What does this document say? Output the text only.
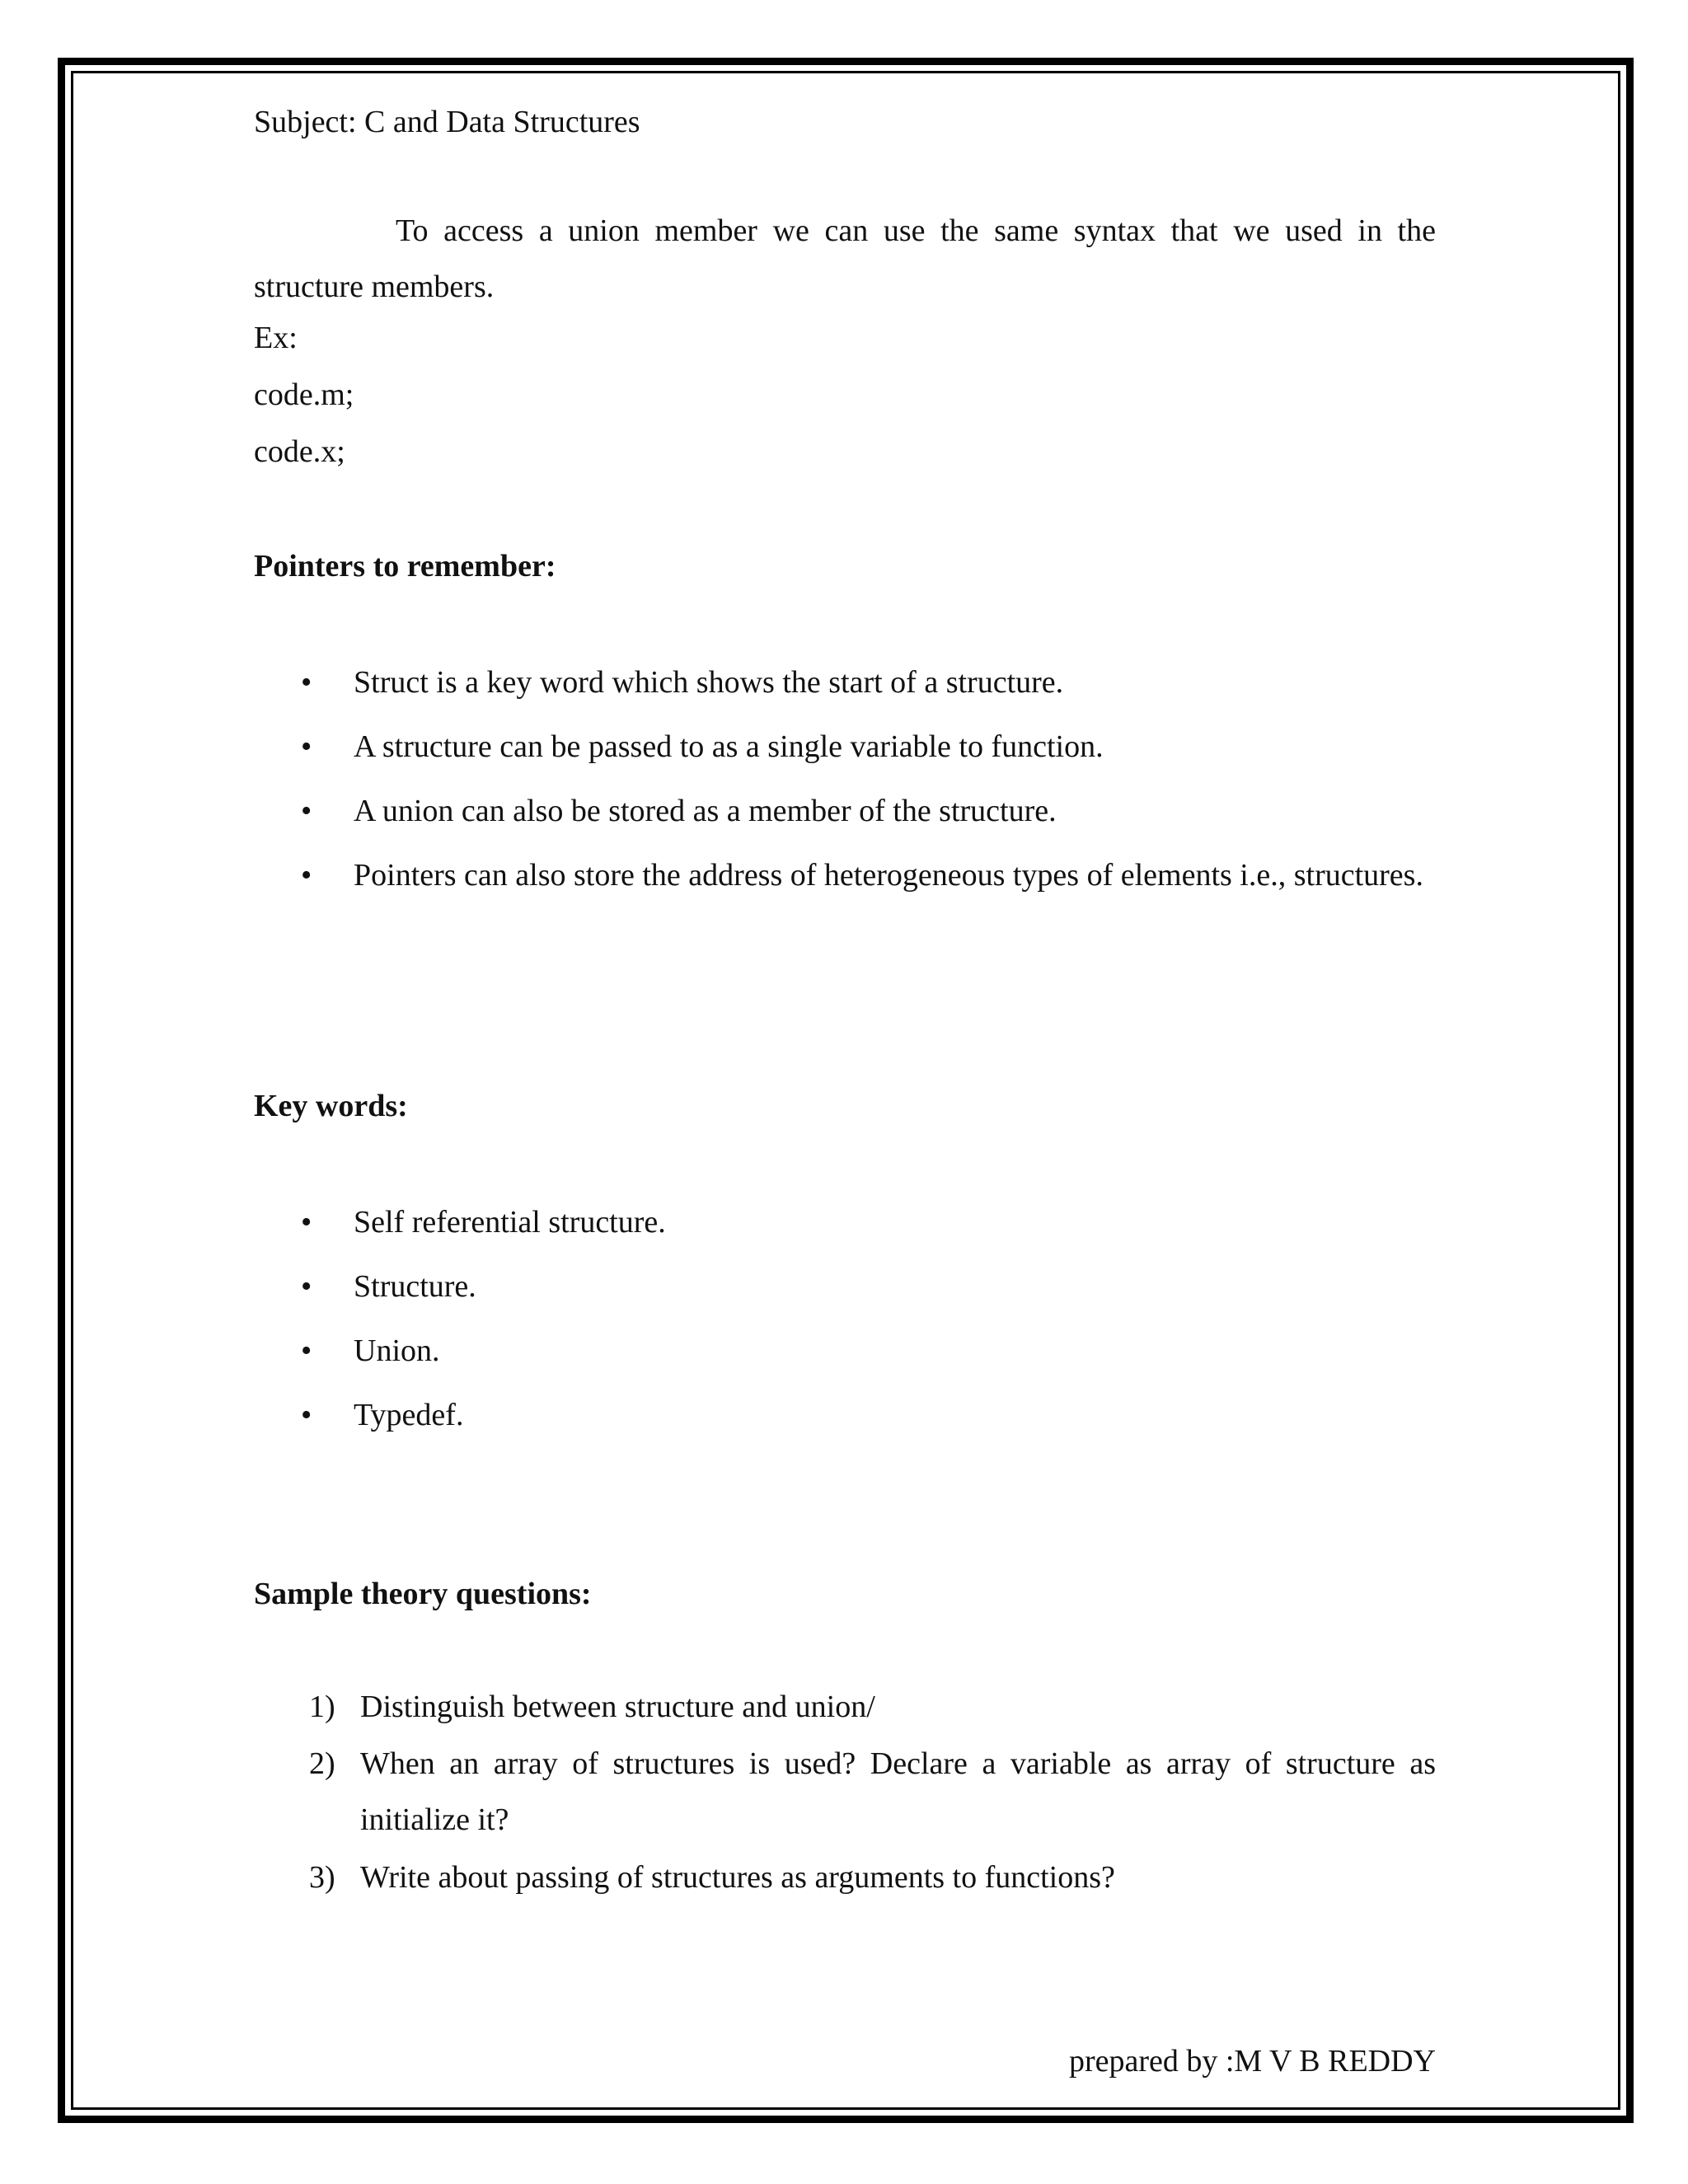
Subject: C and Data Structures
To access a union member we can use the same syntax that we used in the structure members.
Ex:
code.m;
code.x;
Pointers to remember:
•	Struct is a key word which shows the start of a structure.
•	A structure can be passed to as a single variable to function.
•	A union can also be stored as a member of the structure.
•	Pointers can also store the address of heterogeneous types of elements i.e., structures.
Key words:
•	Self referential structure.
•	Structure.
•	Union.
•	Typedef.
Sample theory questions:
1) Distinguish between structure and union/
2) When an array of structures is used? Declare a variable as array of structure as initialize it?
3) Write about passing of structures as arguments to functions?
prepared by :M V B REDDY
